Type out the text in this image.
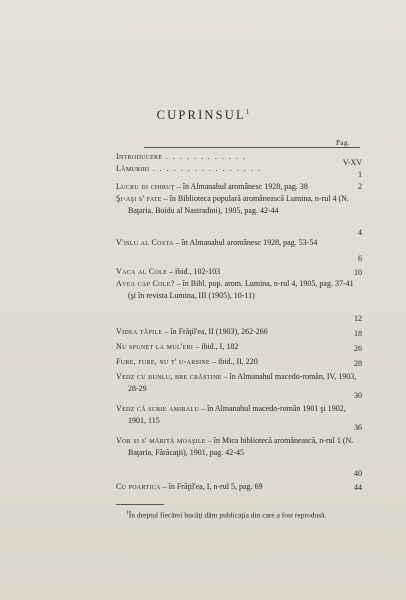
CUPRINSUL$^1$
Pag.
Introducere . . . . . . . . . . . .
Lămuriri . . . . . . . . . . . . . . . .
V-XV
Lucru di chiruţ – în Almanahul aromânesc 1928, pag. 38
1
Şi-aşi s' fate – în Biblioteca populară aromânească Lumina, n-rul 4 (N. Baţaria, Boidu al Nastradini), 1905, pag. 42-44
2
V'islu al Costa – în Almanahul aromânesc 1928, pag. 53-54
4
Vaca al Cole – ibid., 102-103
6
Avea cap Cole? – în Bibl. pop. arom. Lumina, n-rul 4, 1905, pag. 37-41 (şi în revista Lumina, III (1905), 10-11)
10
Videa tăpile – în Frăţil'ea, II (1903), 262-266
12
Nu spunet la mul'eri – ibid., I, 182
18
Fure, fure, nu t' u-arsine – ibid., II, 220
26
Vedz cu bunlu, bre crăstine – în Almanahul macedo-român, IV, 1903, 28-29
28
Vedz că scrie amiralu – în Almanahul macedo-român 1901 şi 1902, 1901, 115
30
Vor si s' mărită moaşile – în Mica bibliotecă aromânească, n-rul 1 (N. Baţaria, Fărăcaţii), 1901, pag. 42-45
36
Cu poartica – în Frăţil'ea, I, n-rul 5, pag. 69
40
44
$^1$În dreptul fiecărei bucăţi dăm publicaţia din care a fost reprodusă.
